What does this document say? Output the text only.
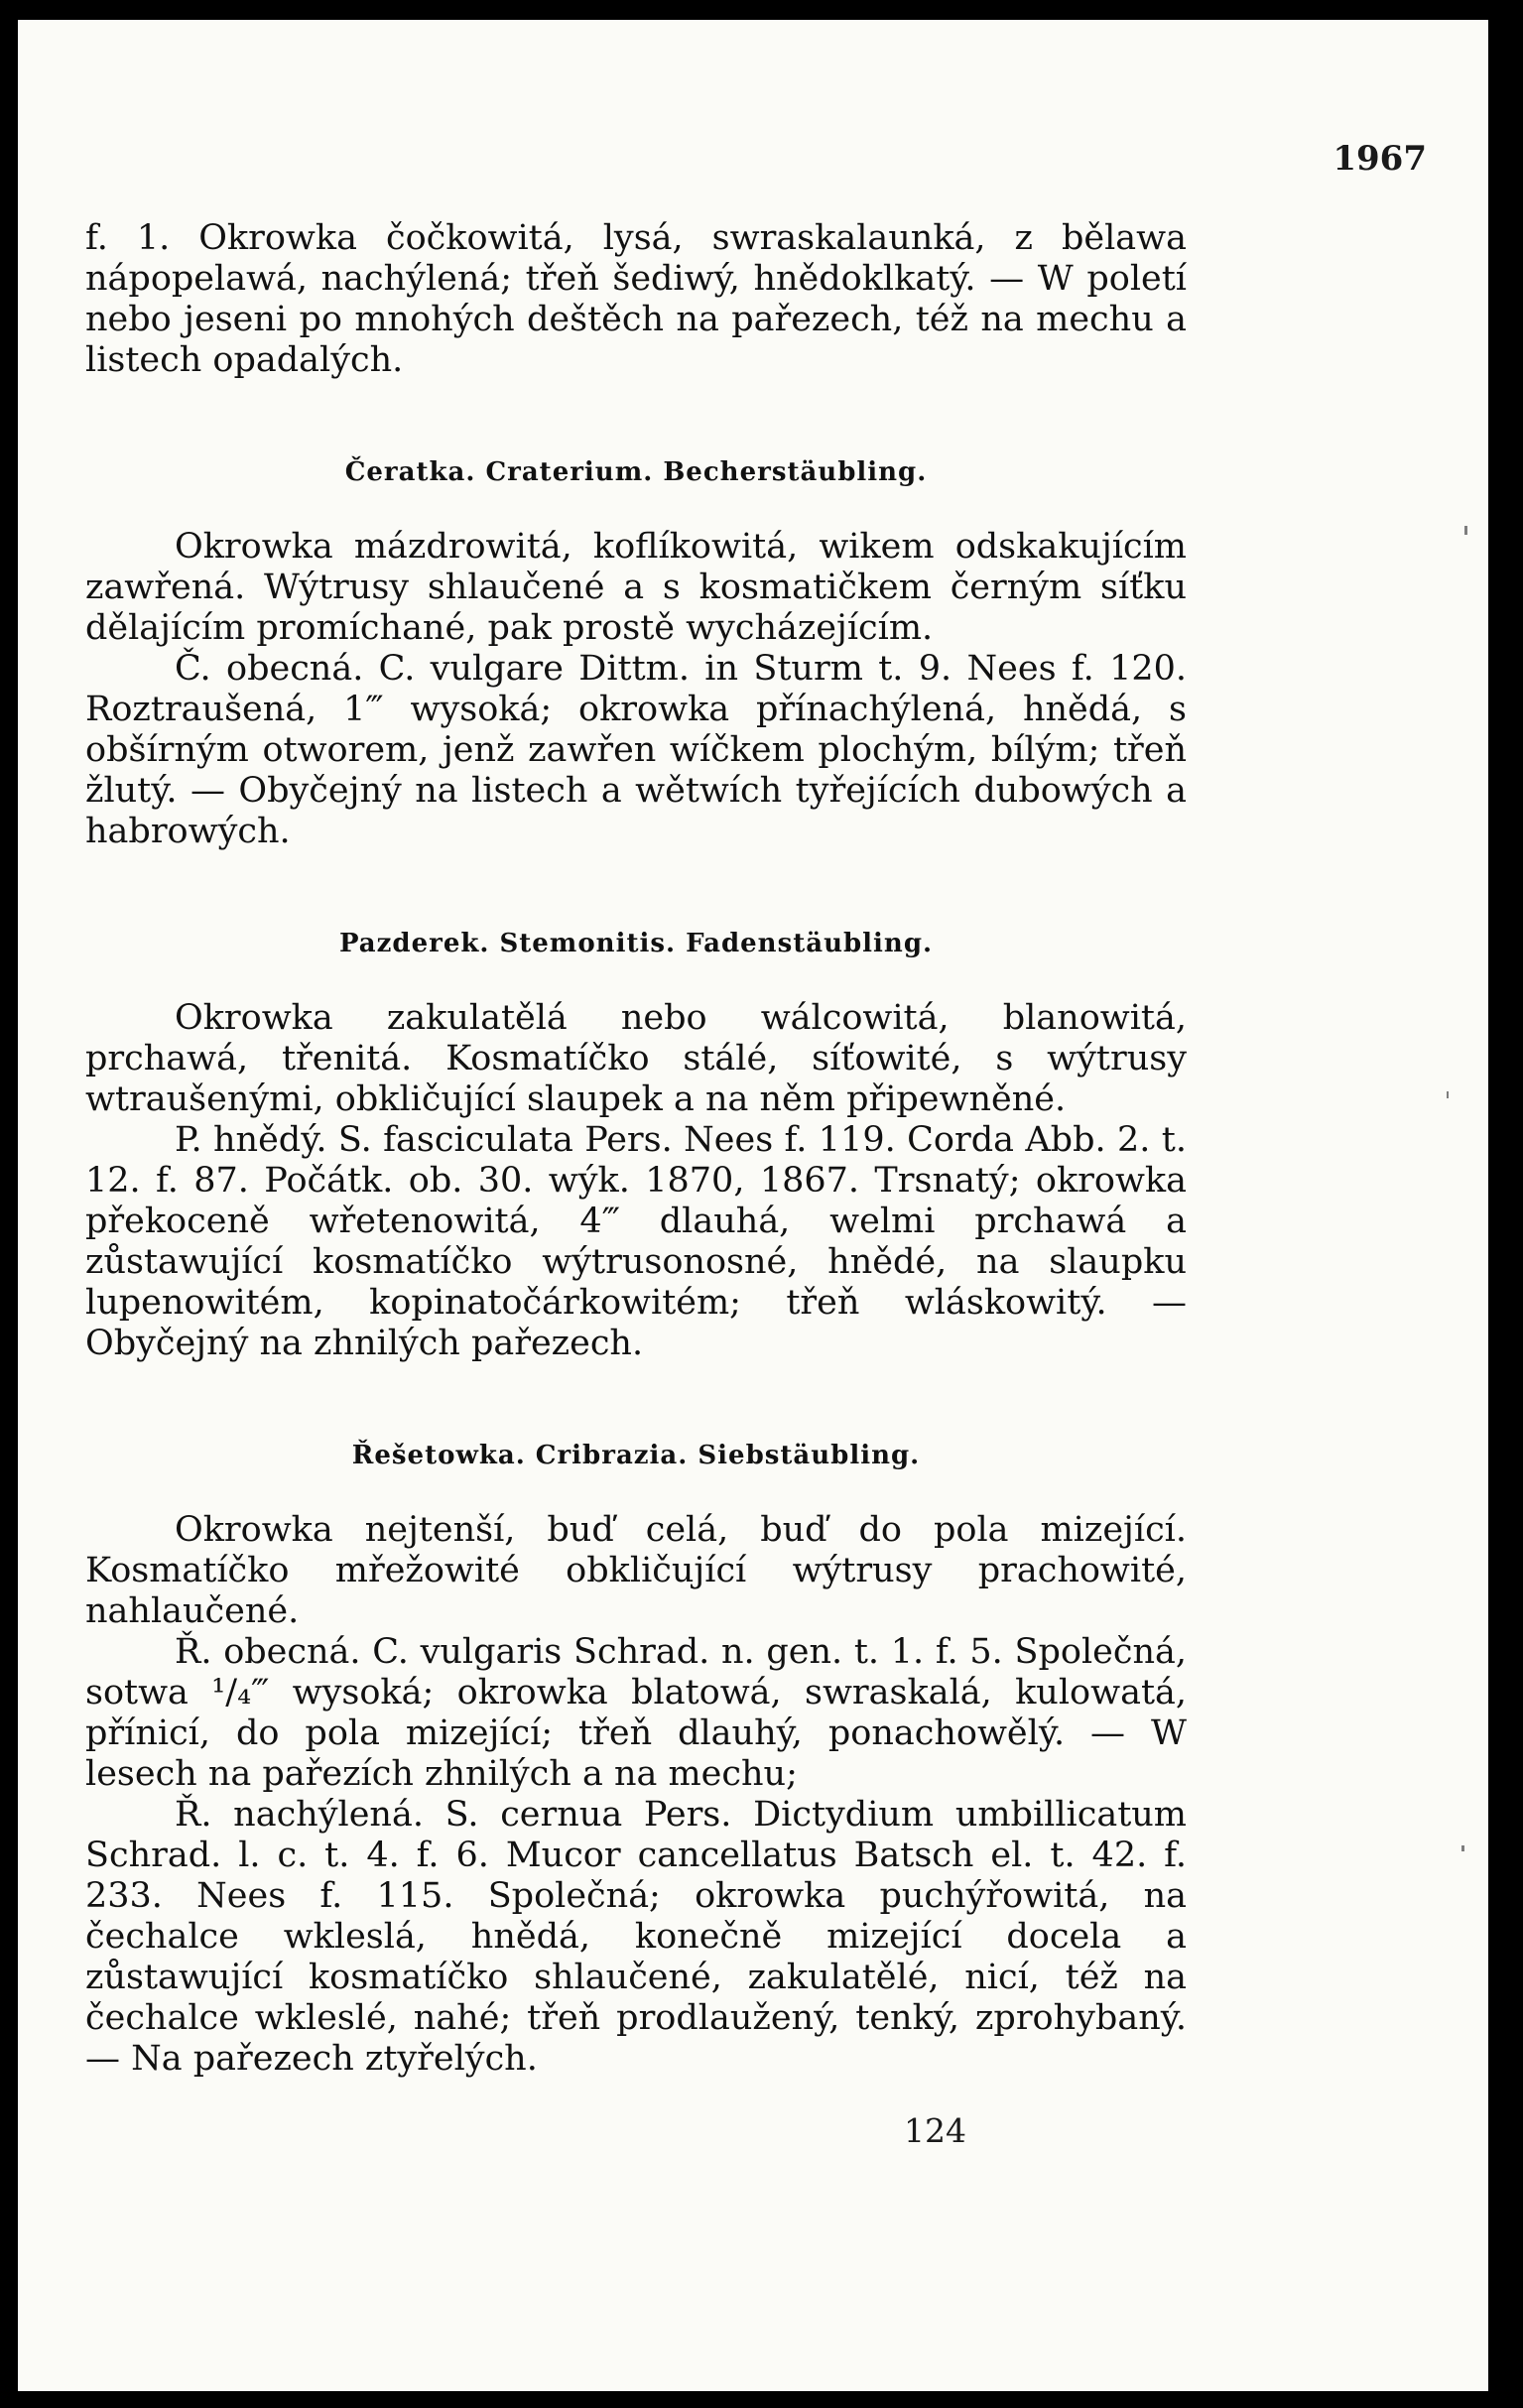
1967

f. 1. Okrowka čočkowitá, lysá, swraskalaunká, z bělawa nápopelawá, nachýlená; třeň šediwý, hnědoklkatý. — W poletí nebo jeseni po mnohých deštěch na pařezech, též na mechu a listech opadalých.

Čeratka. Craterium. Becherstäubling.

Okrowka mázdrowitá, koflíkowitá, wikem odskakujícím zawřená. Wýtrusy shlaučené a s kosmatičkem černým síťku dělajícím promíchané, pak prostě wycházejícím.

Č. obecná. C. vulgare Dittm. in Sturm t. 9. Nees f. 120. Roztraušená, 1‴ wysoká; okrowka přínachýlená, hnědá, s obšírným otworem, jenž zawřen wíčkem plochým, bílým; třeň žlutý. — Obyčejný na listech a wětwích tyřejících dubowých a habrowých.

Pazderek. Stemonitis. Fadenstäubling.

Okrowka zakulatělá nebo wálcowitá, blanowitá, prchawá, třenitá. Kosmatíčko stálé, síťowité, s wýtrusy wtraušenými, obkličující slaupek a na něm připewněné.

P. hnědý. S. fasciculata Pers. Nees f. 119. Corda Abb. 2. t. 12. f. 87. Počátk. ob. 30. wýk. 1870, 1867. Trsnatý; okrowka překoceně wřetenowitá, 4‴ dlauhá, welmi prchawá a zůstawující kosmatíčko wýtrusonosné, hnědé, na slaupku lupenowitém, kopinatočárkowitém; třeň wláskowitý. — Obyčejný na zhnilých pařezech.

Řešetowka. Cribrazia. Siebstäubling.

Okrowka nejtenší, buď celá, buď do pola mizející. Kosmatíčko mřežowité obkličující wýtrusy prachowité, nahlaučené.

Ř. obecná. C. vulgaris Schrad. n. gen. t. 1. f. 5. Společná, sotwa ¹/₄‴ wysoká; okrowka blatowá, swraskalá, kulowatá, přínicí, do pola mizející; třeň dlauhý, ponachowělý. — W lesech na pařezích zhnilých a na mechu;

Ř. nachýlená. S. cernua Pers. Dictydium umbillicatum Schrad. l. c. t. 4. f. 6. Mucor cancellatus Batsch el. t. 42. f. 233. Nees f. 115. Společná; okrowka puchýřowitá, na čechalce wkleslá, hnědá, konečně mizející docela a zůstawující kosmatíčko shlaučené, zakulatělé, nicí, též na čechalce wkleslé, nahé; třeň prodlaužený, tenký, zprohybaný. — Na pařezech ztyřelých.

124
